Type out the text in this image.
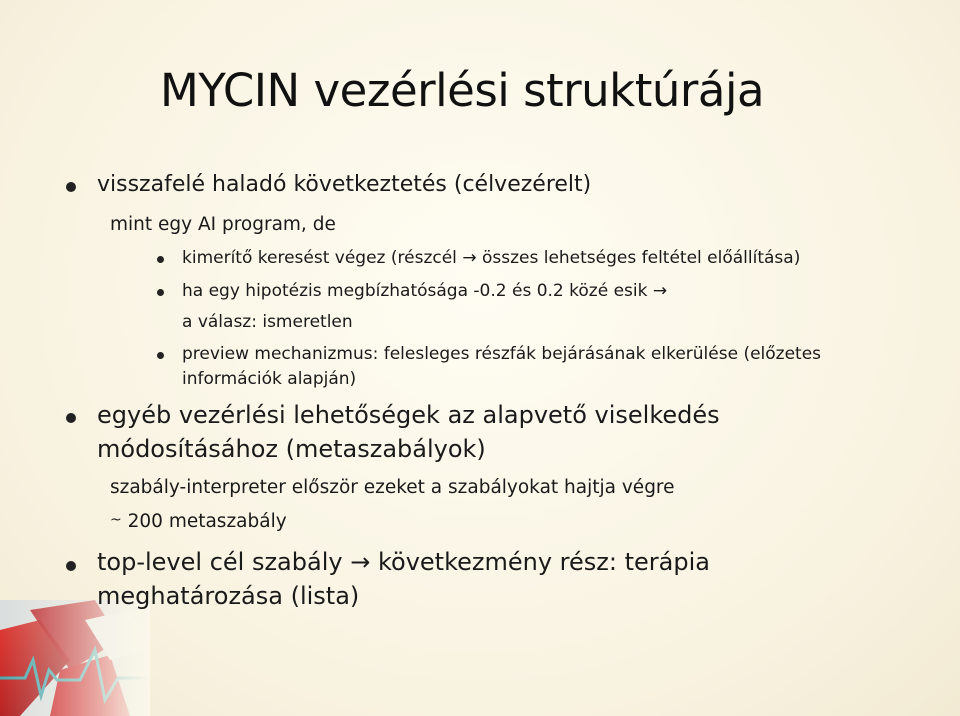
MYCIN vezérlési struktúrája
visszafelé haladó következtetés (célvezérelt)
mint egy AI program, de
kimerítő keresést végez (részcél → összes lehetséges feltétel előállítása)
ha egy hipotézis megbízhatósága -0.2 és 0.2 közé esik →
a válasz: ismeretlen
preview mechanizmus: felesleges részfák bejárásának elkerülése (előzetes
információk alapján)
egyéb vezérlési lehetőségek az alapvető viselkedés
módosításához (metaszabályok)
szabály-interpreter először ezeket a szabályokat hajtja végre
~ 200 metaszabály
top-level cél szabály → következmény rész: terápia
meghatározása (lista)
